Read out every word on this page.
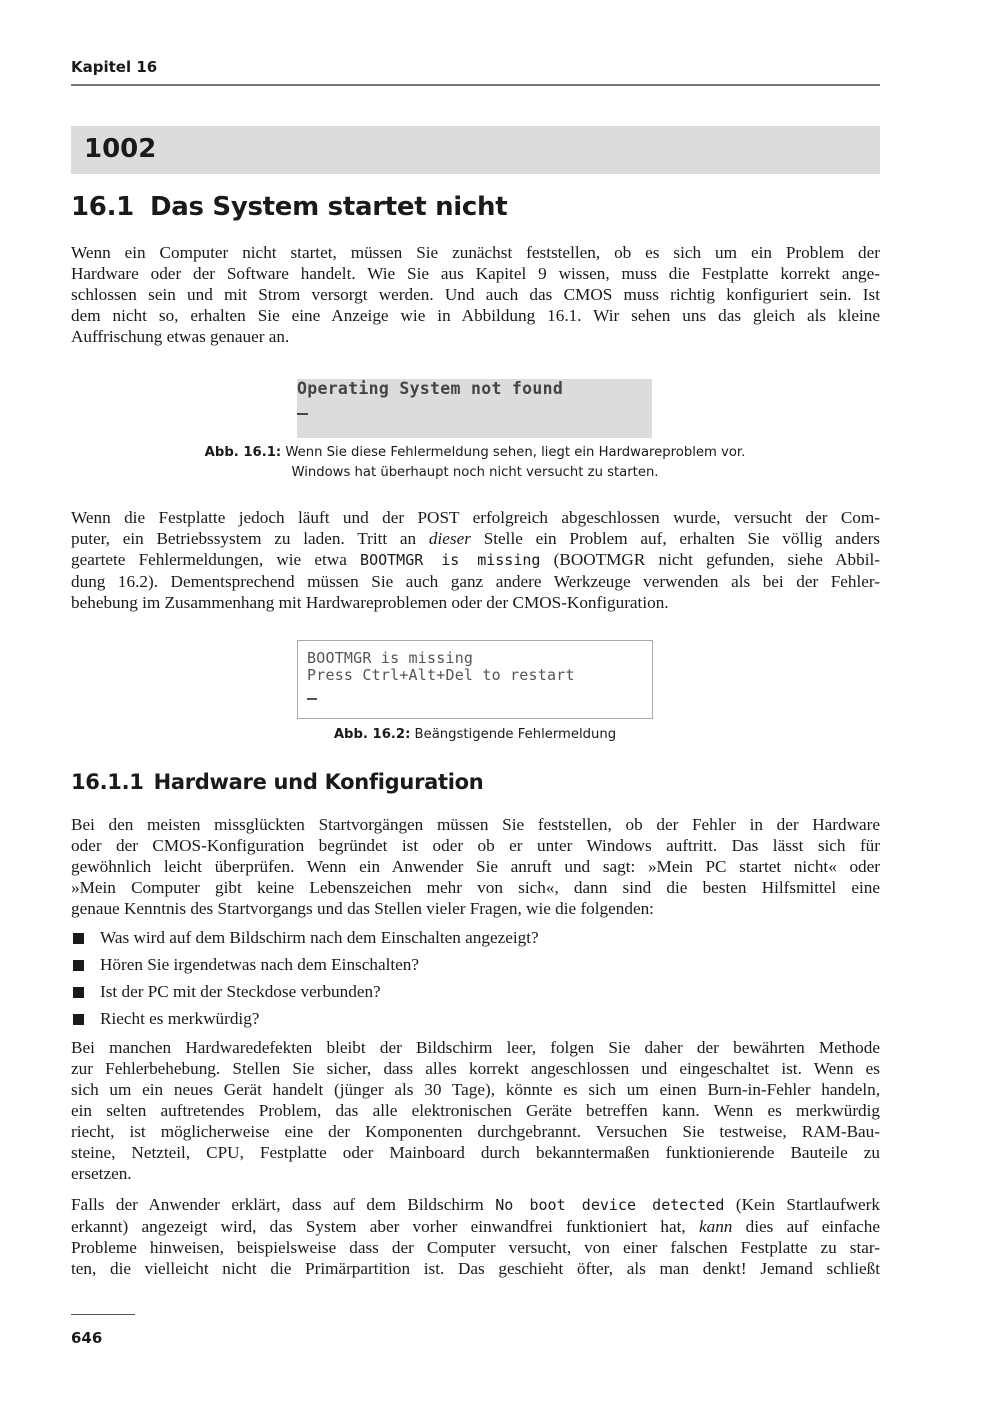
Kapitel 16
1002
16.1 Das System startet nicht

Wenn ein Computer nicht startet, müssen Sie zunächst feststellen, ob es sich um ein Problem der
Hardware oder der Software handelt. Wie Sie aus Kapitel 9 wissen, muss die Festplatte korrekt ange-
schlossen sein und mit Strom versorgt werden. Und auch das CMOS muss richtig konfiguriert sein. Ist
dem nicht so, erhalten Sie eine Anzeige wie in Abbildung 16.1. Wir sehen uns das gleich als kleine
Auffrischung etwas genauer an.

Operating System not found
Abb. 16.1: Wenn Sie diese Fehlermeldung sehen, liegt ein Hardwareproblem vor.
Windows hat überhaupt noch nicht versucht zu starten.

Wenn die Festplatte jedoch läuft und der POST erfolgreich abgeschlossen wurde, versucht der Com-
puter, ein Betriebssystem zu laden. Tritt an dieser Stelle ein Problem auf, erhalten Sie völlig anders
geartete Fehlermeldungen, wie etwa BOOTMGR is missing (BOOTMGR nicht gefunden, siehe Abbil-
dung 16.2). Dementsprechend müssen Sie auch ganz andere Werkzeuge verwenden als bei der Fehler-
behebung im Zusammenhang mit Hardwareproblemen oder der CMOS-Konfiguration.

BOOTMGR is missing
Press Ctrl+Alt+Del to restart
Abb. 16.2: Beängstigende Fehlermeldung
16.1.1 Hardware und Konfiguration

Bei den meisten missglückten Startvorgängen müssen Sie feststellen, ob der Fehler in der Hardware
oder der CMOS-Konfiguration begründet ist oder ob er unter Windows auftritt. Das lässt sich für
gewöhnlich leicht überprüfen. Wenn ein Anwender Sie anruft und sagt: »Mein PC startet nicht« oder
»Mein Computer gibt keine Lebenszeichen mehr von sich«, dann sind die besten Hilfsmittel eine
genaue Kenntnis des Startvorgangs und das Stellen vieler Fragen, wie die folgenden:

Was wird auf dem Bildschirm nach dem Einschalten angezeigt?
Hören Sie irgendetwas nach dem Einschalten?
Ist der PC mit der Steckdose verbunden?
Riecht es merkwürdig?

Bei manchen Hardwaredefekten bleibt der Bildschirm leer, folgen Sie daher der bewährten Methode
zur Fehlerbehebung. Stellen Sie sicher, dass alles korrekt angeschlossen und eingeschaltet ist. Wenn es
sich um ein neues Gerät handelt (jünger als 30 Tage), könnte es sich um einen Burn-in-Fehler handeln,
ein selten auftretendes Problem, das alle elektronischen Geräte betreffen kann. Wenn es merkwürdig
riecht, ist möglicherweise eine der Komponenten durchgebrannt. Versuchen Sie testweise, RAM-Bau-
steine, Netzteil, CPU, Festplatte oder Mainboard durch bekanntermaßen funktionierende Bauteile zu
ersetzen.

Falls der Anwender erklärt, dass auf dem Bildschirm No boot device detected (Kein Startlaufwerk
erkannt) angezeigt wird, das System aber vorher einwandfrei funktioniert hat, kann dies auf einfache
Probleme hinweisen, beispielsweise dass der Computer versucht, von einer falschen Festplatte zu star-
ten, die vielleicht nicht die Primärpartition ist. Das geschieht öfter, als man denkt! Jemand schließt

646
